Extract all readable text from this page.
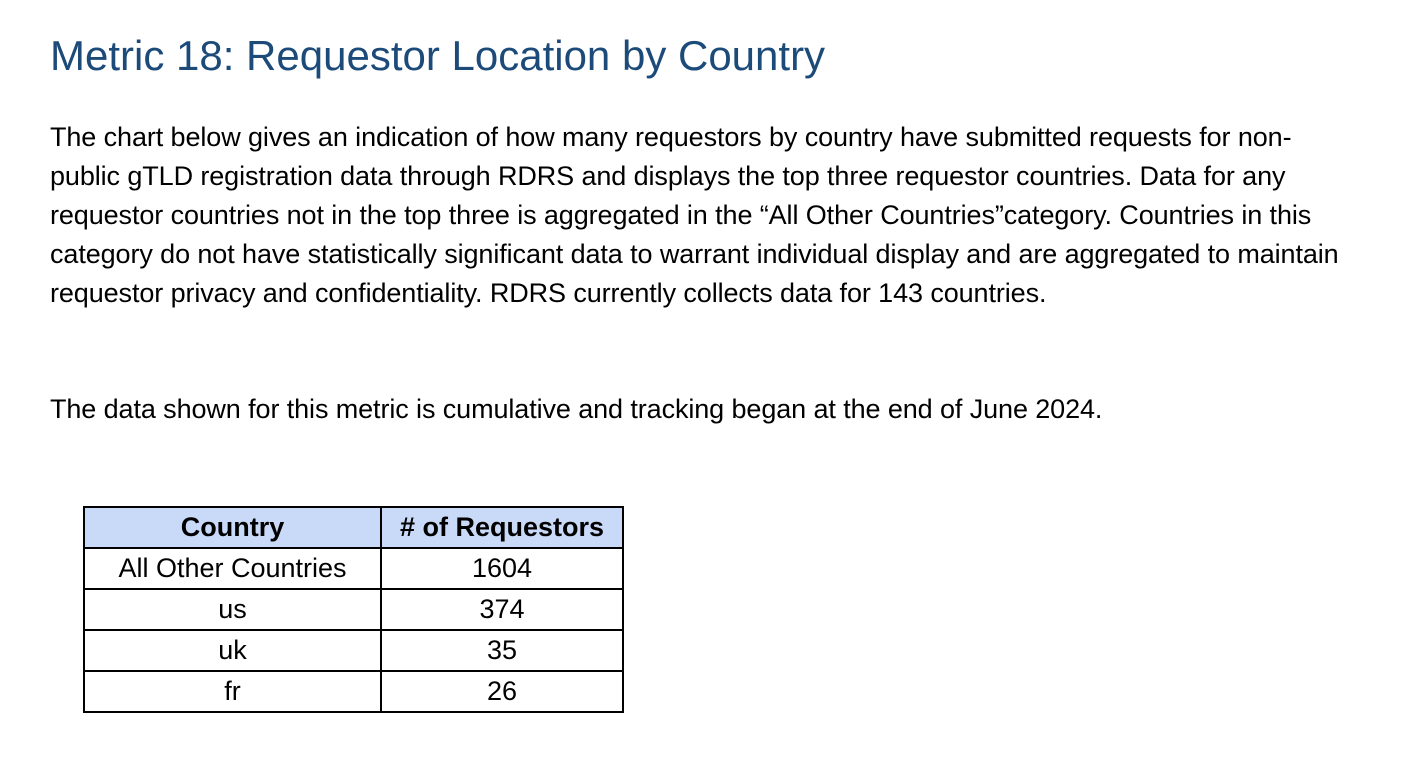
Metric 18: Requestor Location by Country

The chart below gives an indication of how many requestors by country have submitted requests for non-public gTLD registration data through RDRS and displays the top three requestor countries. Data for any requestor countries not in the top three is aggregated in the “All Other Countries”category. Countries in this category do not have statistically significant data to warrant individual display and are aggregated to maintain requestor privacy and confidentiality. RDRS currently collects data for 143 countries.

The data shown for this metric is cumulative and tracking began at the end of June 2024.

Country	# of Requestors
All Other Countries	1604
us	374
uk	35
fr	26
